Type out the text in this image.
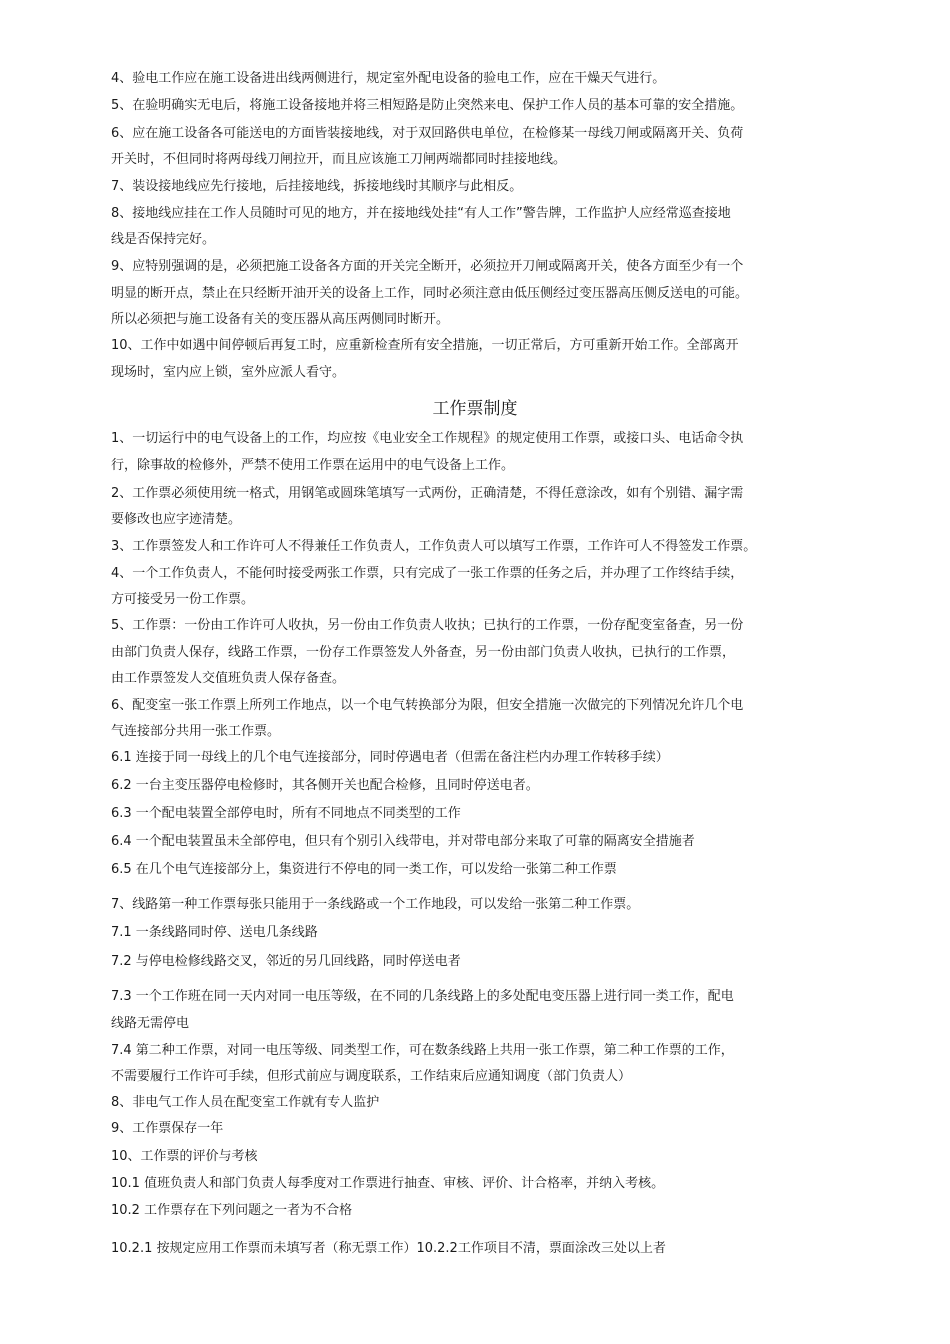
4、验电工作应在施工设备进出线两侧进行，规定室外配电设备的验电工作，应在干燥天气进行。
5、在验明确实无电后，将施工设备接地并将三相短路是防止突然来电、保护工作人员的基本可靠的安全措施。
6、应在施工设备各可能送电的方面皆装接地线，对于双回路供电单位，在检修某一母线刀闸或隔离开关、负荷
开关时，不但同时将两母线刀闸拉开，而且应该施工刀闸两端都同时挂接地线。
7、装设接地线应先行接地，后挂接地线，拆接地线时其顺序与此相反。
8、接地线应挂在工作人员随时可见的地方，并在接地线处挂“有人工作”警告牌，工作监护人应经常巡查接地
线是否保持完好。
9、应特别强调的是，必须把施工设备各方面的开关完全断开，必须拉开刀闸或隔离开关，使各方面至少有一个
明显的断开点，禁止在只经断开油开关的设备上工作，同时必须注意由低压侧经过变压器高压侧反送电的可能。
所以必须把与施工设备有关的变压器从高压两侧同时断开。
10、工作中如遇中间停顿后再复工时，应重新检查所有安全措施，一切正常后，方可重新开始工作。全部离开
现场时，室内应上锁，室外应派人看守。
工作票制度
1、一切运行中的电气设备上的工作，均应按《电业安全工作规程》的规定使用工作票，或接口头、电话命令执
行，除事故的检修外，严禁不使用工作票在运用中的电气设备上工作。
2、工作票必须使用统一格式，用钢笔或圆珠笔填写一式两份，正确清楚，不得任意涂改，如有个别错、漏字需
要修改也应字迹清楚。
3、工作票签发人和工作许可人不得兼任工作负责人，工作负责人可以填写工作票，工作许可人不得签发工作票。
4、一个工作负责人，不能何时接受两张工作票，只有完成了一张工作票的任务之后，并办理了工作终结手续，
方可接受另一份工作票。
5、工作票：一份由工作许可人收执，另一份由工作负责人收执；已执行的工作票，一份存配变室备查，另一份
由部门负责人保存，线路工作票，一份存工作票签发人外备查，另一份由部门负责人收执，已执行的工作票，
由工作票签发人交值班负责人保存备查。
6、配变室一张工作票上所列工作地点，以一个电气转换部分为限，但安全措施一次做完的下列情况允许几个电
气连接部分共用一张工作票。
6.1 连接于同一母线上的几个电气连接部分，同时停遇电者（但需在备注栏内办理工作转移手续）
6.2 一台主变压器停电检修时，其各侧开关也配合检修，且同时停送电者。
6.3 一个配电装置全部停电时，所有不同地点不同类型的工作
6.4 一个配电装置虽未全部停电，但只有个别引入线带电，并对带电部分来取了可靠的隔离安全措施者
6.5 在几个电气连接部分上，集资进行不停电的同一类工作，可以发给一张第二种工作票
7、线路第一种工作票每张只能用于一条线路或一个工作地段，可以发给一张第二种工作票。
7.1 一条线路同时停、送电几条线路
7.2 与停电检修线路交叉，邻近的另几回线路，同时停送电者
7.3 一个工作班在同一天内对同一电压等级，在不同的几条线路上的多处配电变压器上进行同一类工作，配电
线路无需停电
7.4 第二种工作票，对同一电压等级、同类型工作，可在数条线路上共用一张工作票，第二种工作票的工作，
不需要履行工作许可手续，但形式前应与调度联系，工作结束后应通知调度（部门负责人）
8、非电气工作人员在配变室工作就有专人监护
9、工作票保存一年
10、工作票的评价与考核
10.1 值班负责人和部门负责人每季度对工作票进行抽查、审核、评价、计合格率，并纳入考核。
10.2 工作票存在下列问题之一者为不合格
10.2.1 按规定应用工作票而未填写者（称无票工作）10.2.2工作项目不清，票面涂改三处以上者
